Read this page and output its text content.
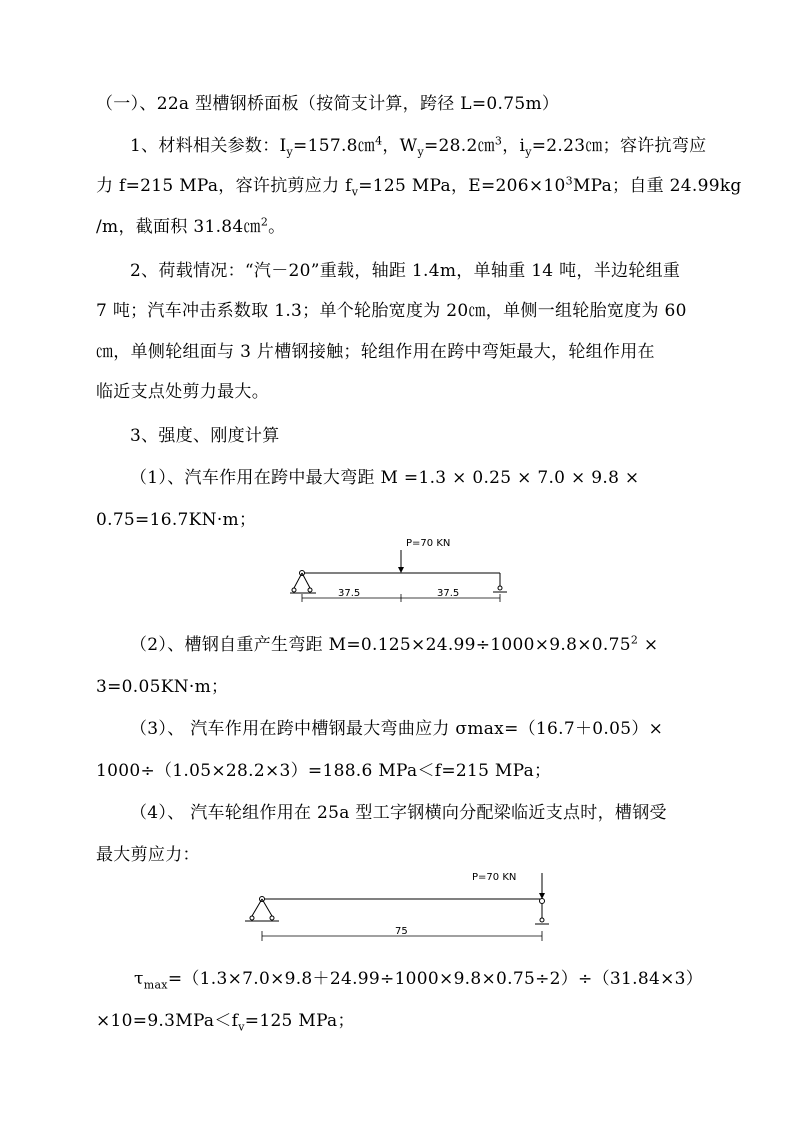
（一）、22a 型槽钢桥面板（按简支计算，跨径 L=0.75m）
1、材料相关参数：$I_y=157.8㎝^4$，$W_y=28.2㎝^3$，$i_y=2.23㎝$；容许抗弯应
力 f=215 MPa，容许抗剪应力 $f_v=125$ MPa，$E=206\times 10^3MPa$；自重 24.99kg
/m，截面积 31.84㎝$^2$。
2、荷载情况：“汽－20”重载，轴距 1.4m，单轴重 14 吨，半边轮组重
7 吨；汽车冲击系数取 1.3；单个轮胎宽度为 20㎝，单侧一组轮胎宽度为 60
㎝，单侧轮组面与 3 片槽钢接触；轮组作用在跨中弯矩最大，轮组作用在
临近支点处剪力最大。
3、强度、刚度计算
（1）、汽车作用在跨中最大弯距 M =1.3 × 0.25 × 7.0 × 9.8 ×
0.75=16.7KN·m；
P=70 KN
37.5	37.5
（2）、槽钢自重产生弯距 $M=0.125\times 24.99\div 1000\times 9.8\times 0.75^2$ ×
3=0.05KN·m；
（3）、 汽车作用在跨中槽钢最大弯曲应力 σmax=（16.7＋0.05）×
1000÷（1.05×28.2×3）=188.6 MPa＜f=215 MPa；
（4）、 汽车轮组作用在 25a 型工字钢横向分配梁临近支点时，槽钢受
最大剪应力：
P=70 KN
75
$\tau_{max}=(1.3\times 7.0\times 9.8+24.99\div 1000\times 9.8\times 0.75\div 2)\div(31.84\times 3)$
$\times 10=9.3MPa<f_v=125$ MPa；
